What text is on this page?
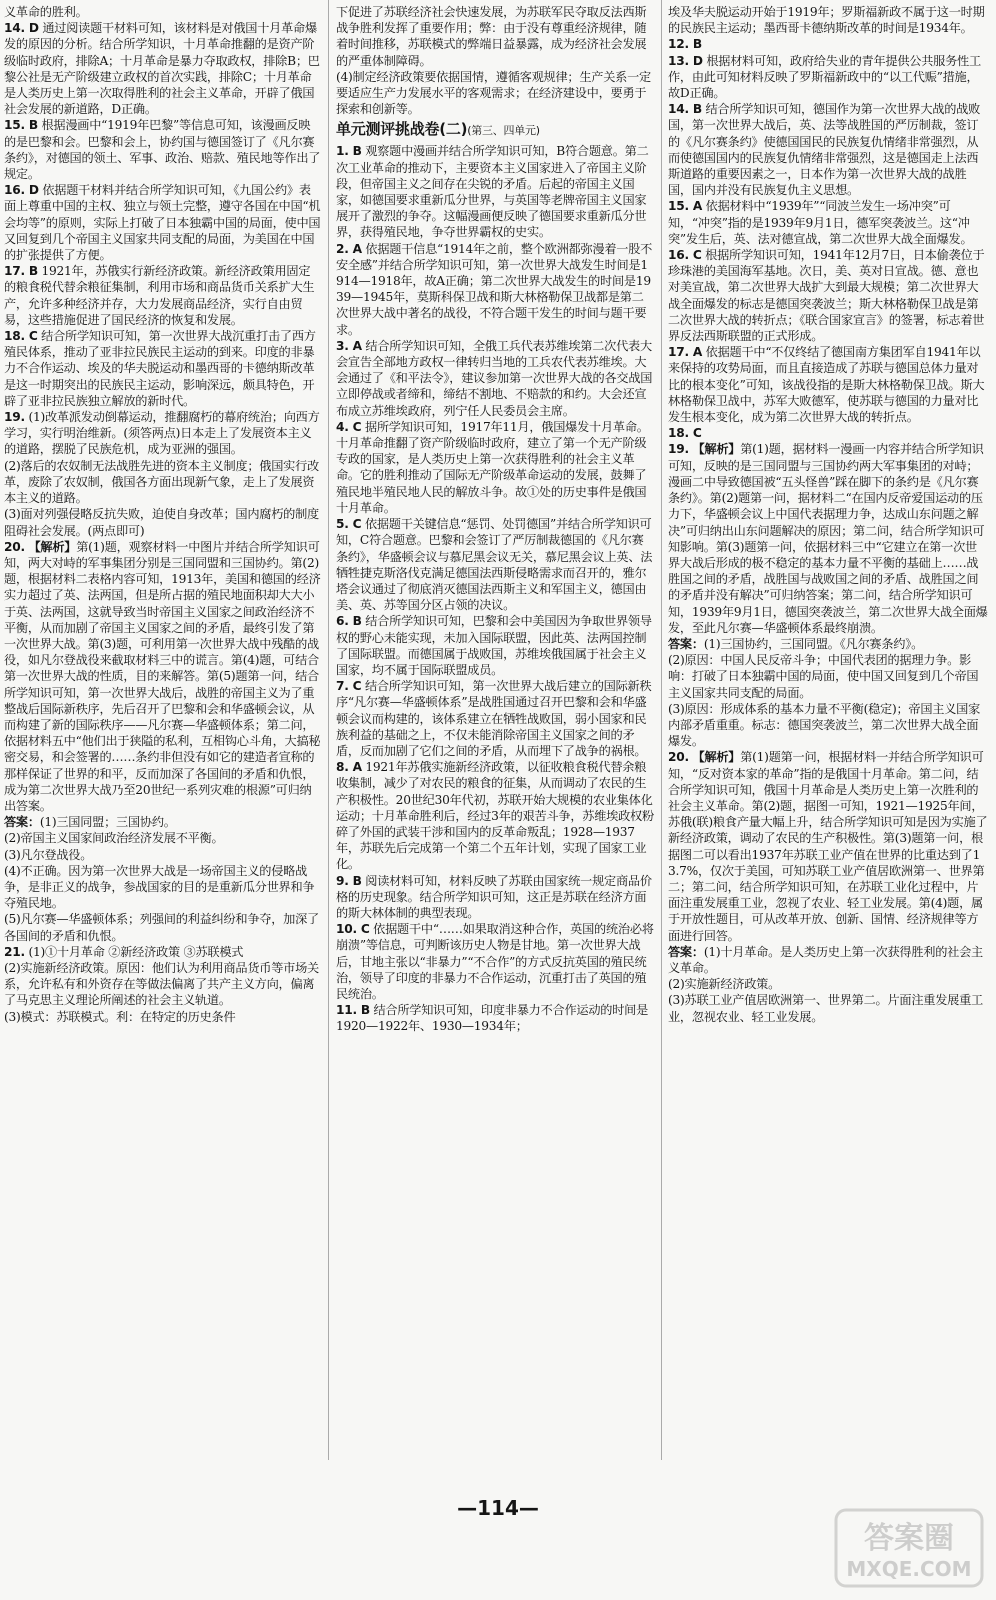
义革命的胜利。

14. D 通过阅读题干材料可知，该材料是对俄国十月革命爆发的原因的分析。结合所学知识，十月革命推翻的是资产阶级临时政府，排除A；十月革命是暴力夺取政权，排除B；巴黎公社是无产阶级建立政权的首次实践，排除C；十月革命是人类历史上第一次取得胜利的社会主义革命，开辟了俄国社会发展的新道路，D正确。

15. B 根据漫画中“1919年巴黎”等信息可知，该漫画反映的是巴黎和会。巴黎和会上，协约国与德国签订了《凡尔赛条约》，对德国的领土、军事、政治、赔款、殖民地等作出了规定。

16. D 依据题干材料并结合所学知识可知，《九国公约》表面上尊重中国的主权、独立与领土完整，遵守各国在中国“机会均等”的原则，实际上打破了日本独霸中国的局面，使中国又回复到几个帝国主义国家共同支配的局面，为美国在中国的扩张提供了方便。

17. B 1921年，苏俄实行新经济政策。新经济政策用固定的粮食税代替余粮征集制，利用市场和商品货币关系扩大生产，允许多种经济并存，大力发展商品经济，实行自由贸易，这些措施促进了国民经济的恢复和发展。

18. C 结合所学知识可知，第一次世界大战沉重打击了西方殖民体系，推动了亚非拉民族民主运动的到来。印度的非暴力不合作运动、埃及的华夫脱运动和墨西哥的卡德纳斯改革是这一时期突出的民族民主运动，影响深远，颇具特色，开辟了亚非拉民族独立解放的新时代。

19. (1)改革派发动倒幕运动，推翻腐朽的幕府统治；向西方学习，实行明治维新。(须答两点)日本走上了发展资本主义的道路，摆脱了民族危机，成为亚洲的强国。

(2)落后的农奴制无法战胜先进的资本主义制度；俄国实行改革，废除了农奴制，俄国各方面出现新气象，走上了发展资本主义的道路。

(3)面对列强侵略反抗失败，迫使自身改革；国内腐朽的制度阻碍社会发展。(两点即可)

20. 【解析】第(1)题，观察材料一中图片并结合所学知识可知，两大对峙的军事集团分别是三国同盟和三国协约。第(2)题，根据材料二表格内容可知，1913年，美国和德国的经济实力超过了英、法两国，但是所占据的殖民地面积却大大小于英、法两国，这就导致当时帝国主义国家之间政治经济不平衡，从而加剧了帝国主义国家之间的矛盾，最终引发了第一次世界大战。第(3)题，可利用第一次世界大战中残酷的战役，如凡尔登战役来截取材料三中的谎言。第(4)题，可结合第一次世界大战的性质，目的来解答。第(5)题第一问，结合所学知识可知，第一次世界大战后，战胜的帝国主义为了重整战后国际新秩序，先后召开了巴黎和会和华盛顿会议，从而构建了新的国际秩序——凡尔赛—华盛顿体系；第二问，依据材料五中“他们出于狭隘的私利，互相钩心斗角，大搞秘密交易，和会签署的……条约非但没有如它的建造者宣称的那样保证了世界的和平，反而加深了各国间的矛盾和仇恨，成为第二次世界大战乃至20世纪一系列灾难的根源”可归纳出答案。

答案：(1)三国同盟；三国协约。

(2)帝国主义国家间政治经济发展不平衡。

(3)凡尔登战役。

(4)不正确。因为第一次世界大战是一场帝国主义的侵略战争，是非正义的战争，参战国家的目的是重新瓜分世界和争夺殖民地。

(5)凡尔赛—华盛顿体系；列强间的利益纠纷和争夺，加深了各国间的矛盾和仇恨。

21. (1)①十月革命 ②新经济政策 ③苏联模式

(2)实施新经济政策。原因：他们认为利用商品货币等市场关系，允许私有和外资存在等做法偏离了共产主义方向，偏离了马克思主义理论所阐述的社会主义轨道。

(3)模式：苏联模式。利：在特定的历史条件

下促进了苏联经济社会快速发展，为苏联军民夺取反法西斯战争胜利发挥了重要作用；弊：由于没有尊重经济规律，随着时间推移，苏联模式的弊端日益暴露，成为经济社会发展的严重体制障碍。

(4)制定经济政策要依据国情，遵循客观规律；生产关系一定要适应生产力发展水平的客观需求；在经济建设中，要勇于探索和创新等。

单元测评挑战卷(二)(第三、四单元)

1. B 观察题中漫画并结合所学知识可知，B符合题意。第二次工业革命的推动下，主要资本主义国家进入了帝国主义阶段，但帝国主义之间存在尖锐的矛盾。后起的帝国主义国家，如德国要求重新瓜分世界，与英国等老牌帝国主义国家展开了激烈的争夺。这幅漫画便反映了德国要求重新瓜分世界，获得殖民地，争夺世界霸权的史实。

2. A 依据题干信息“1914年之前，整个欧洲都弥漫着一股不安全感”并结合所学知识可知，第一次世界大战发生时间是1914—1918年，故A正确；第二次世界大战发生的时间是1939—1945年，莫斯科保卫战和斯大林格勒保卫战都是第二次世界大战中著名的战役，不符合题干发生的时间与题干要求。

3. A 结合所学知识可知，全俄工兵代表苏维埃第二次代表大会宣告全部地方政权一律转归当地的工兵农代表苏维埃。大会通过了《和平法令》，建议参加第一次世界大战的各交战国立即停战或者缔和，缔结不割地、不赔款的和约。大会还宣布成立苏维埃政府，列宁任人民委员会主席。

4. C 据所学知识可知，1917年11月，俄国爆发十月革命。十月革命推翻了资产阶级临时政府，建立了第一个无产阶级专政的国家，是人类历史上第一次获得胜利的社会主义革命。它的胜利推动了国际无产阶级革命运动的发展，鼓舞了殖民地半殖民地人民的解放斗争。故①处的历史事件是俄国十月革命。

5. C 依据题干关键信息“惩罚、处罚德国”并结合所学知识可知，C符合题意。巴黎和会签订了严厉制裁德国的《凡尔赛条约》，华盛顿会议与慕尼黑会议无关，慕尼黑会议上英、法牺牲捷克斯洛伐克满足德国法西斯侵略需求而召开的，雅尔塔会议通过了彻底消灭德国法西斯主义和军国主义，德国由美、英、苏等国分区占领的决议。

6. B 结合所学知识可知，巴黎和会中美国因为争取世界领导权的野心未能实现，未加入国际联盟，因此英、法两国控制了国际联盟。而德国属于战败国，苏维埃俄国属于社会主义国家，均不属于国际联盟成员。

7. C 结合所学知识可知，第一次世界大战后建立的国际新秩序“凡尔赛—华盛顿体系”是战胜国通过召开巴黎和会和华盛顿会议而构建的，该体系建立在牺牲战败国，弱小国家和民族利益的基础之上，不仅未能消除帝国主义国家之间的矛盾，反而加剧了它们之间的矛盾，从而埋下了战争的祸根。

8. A 1921年苏俄实施新经济政策，以征收粮食税代替余粮收集制，减少了对农民的粮食的征集，从而调动了农民的生产积极性。20世纪30年代初，苏联开始大规模的农业集体化运动；十月革命胜利后，经过3年的艰苦斗争，苏维埃政权粉碎了外国的武装干涉和国内的反革命叛乱；1928—1937年，苏联先后完成第一个第二个五年计划，实现了国家工业化。

9. B 阅读材料可知，材料反映了苏联由国家统一规定商品价格的历史现象。结合所学知识可知，这正是苏联在经济方面的斯大林体制的典型表现。

10. C 依据题干中“……如果取消这种合作，英国的统治必将崩溃”等信息，可判断该历史人物是甘地。第一次世界大战后，甘地主张以“非暴力”“不合作”的方式反抗英国的殖民统治，领导了印度的非暴力不合作运动，沉重打击了英国的殖民统治。

11. B 结合所学知识可知，印度非暴力不合作运动的时间是1920—1922年、1930—1934年；

埃及华夫脱运动开始于1919年；罗斯福新政不属于这一时期的民族民主运动；墨西哥卡德纳斯改革的时间是1934年。

12. B

13. D 根据材料可知，政府给失业的青年提供公共服务性工作，由此可知材料反映了罗斯福新政中的“以工代赈”措施，故D正确。

14. B 结合所学知识可知，德国作为第一次世界大战的战败国，第一次世界大战后，英、法等战胜国的严厉制裁，签订的《凡尔赛条约》使德国国民的民族复仇情绪非常强烈，从而使德国国内的民族复仇情绪非常强烈，这是德国走上法西斯道路的重要因素之一，日本作为第一次世界大战的战胜国，国内并没有民族复仇主义思想。

15. A 依据材料中“1939年”“同波兰发生一场冲突”可知，“冲突”指的是1939年9月1日，德军突袭波兰。这“冲突”发生后，英、法对德宣战，第二次世界大战全面爆发。

16. C 根据所学知识可知，1941年12月7日，日本偷袭位于珍珠港的美国海军基地。次日，美、英对日宣战。德、意也对美宣战，第二次世界大战扩大到最大规模；第二次世界大战全面爆发的标志是德国突袭波兰；斯大林格勒保卫战是第二次世界大战的转折点；《联合国家宣言》的签署，标志着世界反法西斯联盟的正式形成。

17. A 依据题干中“不仅终结了德国南方集团军自1941年以来保持的攻势局面，而且直接造成了苏联与德国总体力量对比的根本变化”可知，该战役指的是斯大林格勒保卫战。斯大林格勒保卫战中，苏军大败德军，使苏联与德国的力量对比发生根本变化，成为第二次世界大战的转折点。

18. C

19. 【解析】第(1)题，据材料一漫画一内容并结合所学知识可知，反映的是三国同盟与三国协约两大军事集团的对峙；漫画二中导致德国被“五头怪兽”踩在脚下的条约是《凡尔赛条约》。第(2)题第一问，据材料二“在国内反帝爱国运动的压力下，华盛顿会议上中国代表据理力争，达成山东问题之解决”可归纳出山东问题解决的原因；第二问，结合所学知识可知影响。第(3)题第一问，依据材料三中“它建立在第一次世界大战后形成的极不稳定的基本力量不平衡的基础上……战胜国之间的矛盾，战胜国与战败国之间的矛盾、战胜国之间的矛盾并没有解决”可归纳答案；第二问，结合所学知识可知，1939年9月1日，德国突袭波兰，第二次世界大战全面爆发，至此凡尔赛—华盛顿体系最终崩溃。

答案：(1)三国协约，三国同盟。《凡尔赛条约》。

(2)原因：中国人民反帝斗争；中国代表团的据理力争。影响：打破了日本独霸中国的局面，使中国又回复到几个帝国主义国家共同支配的局面。

(3)原因：形成体系的基本力量不平衡(稳定)；帝国主义国家内部矛盾重重。标志：德国突袭波兰，第二次世界大战全面爆发。

20. 【解析】第(1)题第一问，根据材料一并结合所学知识可知，“反对资本家的革命”指的是俄国十月革命。第二问，结合所学知识可知，俄国十月革命是人类历史上第一次胜利的社会主义革命。第(2)题，据图一可知，1921—1925年间，苏俄(联)粮食产量大幅上升，结合所学知识可知是因为实施了新经济政策，调动了农民的生产积极性。第(3)题第一问，根据图二可以看出1937年苏联工业产值在世界的比重达到了13.7%，仅次于美国，可知苏联工业产值居欧洲第一、世界第二；第二问，结合所学知识可知，在苏联工业化过程中，片面注重发展重工业，忽视了农业、轻工业发展。第(4)题，属于开放性题目，可从改革开放、创新、国情、经济规律等方面进行回答。

答案：(1)十月革命。是人类历史上第一次获得胜利的社会主义革命。

(2)实施新经济政策。

(3)苏联工业产值居欧洲第一、世界第二。片面注重发展重工业，忽视农业、轻工业发展。

—114—
答案圈
MXQE.COM
